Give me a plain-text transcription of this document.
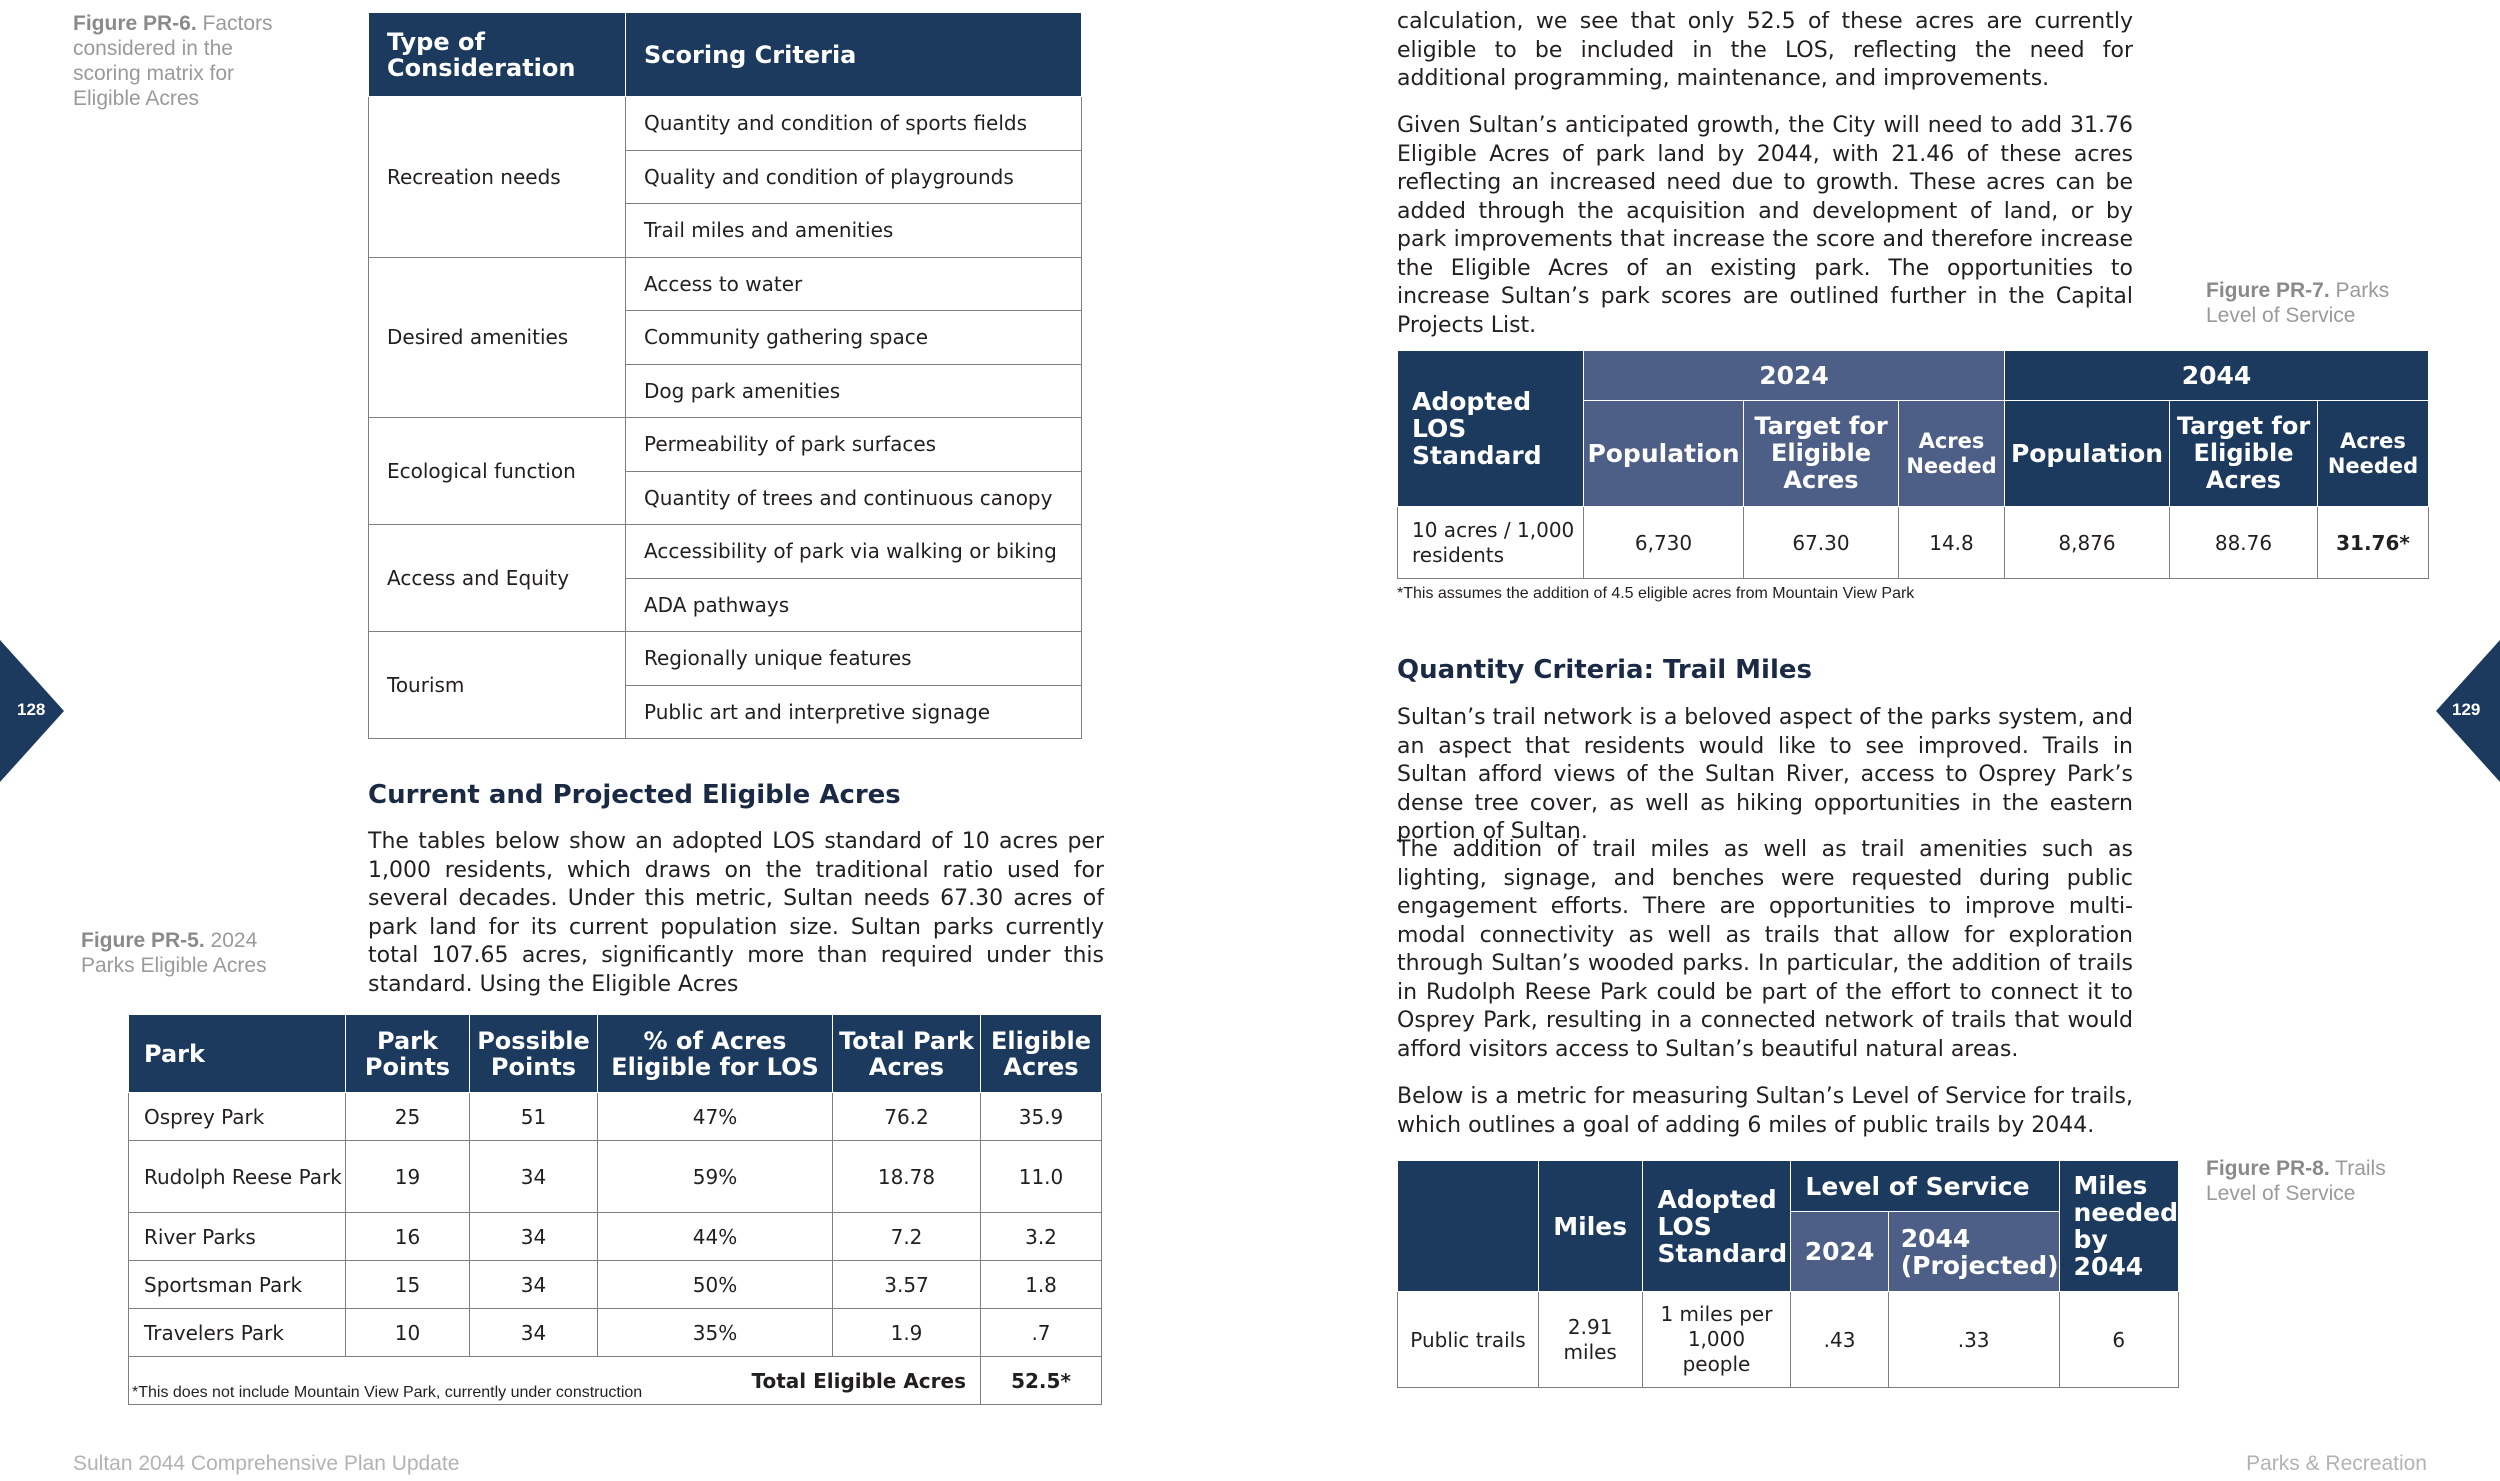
Figure PR-6. Factors considered in the scoring matrix for Eligible Acres
Type of Consideration	Scoring Criteria
Recreation needs	Quantity and condition of sports fields
	Quality and condition of playgrounds
	Trail miles and amenities
Desired amenities	Access to water
	Community gathering space
	Dog park amenities
Ecological function	Permeability of park surfaces
	Quantity of trees and continuous canopy
Access and Equity	Accessibility of park via walking or biking
	ADA pathways
Tourism	Regionally unique features
	Public art and interpretive signage
128
Current and Projected Eligible Acres
The tables below show an adopted LOS standard of 10 acres per 1,000 residents, which draws on the traditional ratio used for several decades. Under this metric, Sultan needs 67.30 acres of park land for its current population size. Sultan parks currently total 107.65 acres, significantly more than required under this standard. Using the Eligible Acres
Figure PR-5. 2024 Parks Eligible Acres
Park	Park Points	Possible Points	% of Acres Eligible for LOS	Total Park Acres	Eligible Acres
Osprey Park	25	51	47%	76.2	35.9
Rudolph Reese Park	19	34	59%	18.78	11.0
River Parks	16	34	44%	7.2	3.2
Sportsman Park	15	34	50%	3.57	1.8
Travelers Park	10	34	35%	1.9	.7

*This does not include Mountain View Park, currently under construction Total Eligible Acres					52.5*
calculation, we see that only 52.5 of these acres are currently eligible to be included in the LOS, reflecting the need for additional programming, maintenance, and improvements.
Given Sultan’s anticipated growth, the City will need to add 31.76 Eligible Acres of park land by 2044, with 21.46 of these acres reflecting an increased need due to growth. These acres can be added through the acquisition and development of land, or by park improvements that increase the score and therefore increase the Eligible Acres of an existing park. The opportunities to increase Sultan’s park scores are outlined further in the Capital Projects List.
Figure PR-7. Parks Level of Service
Adopted LOS Standard	2024			2044		
	Population	Target for Eligible Acres	Acres Needed	Population	Target for Eligible Acres	Acres Needed
10 acres / 1,000 residents	6,730	67.30	14.8	8,876	88.76	31.76*
*This assumes the addition of 4.5 eligible acres from Mountain View Park
129
Quantity Criteria: Trail Miles
Sultan’s trail network is a beloved aspect of the parks system, and an aspect that residents would like to see improved. Trails in Sultan afford views of the Sultan River, access to Osprey Park’s dense tree cover, as well as hiking opportunities in the eastern portion of Sultan.
The addition of trail miles as well as trail amenities such as lighting, signage, and benches were requested during public engagement efforts. There are opportunities to improve multi-modal connectivity as well as trails that allow for exploration through Sultan’s wooded parks. In particular, the addition of trails in Rudolph Reese Park could be part of the effort to connect it to Osprey Park, resulting in a connected network of trails that would afford visitors access to Sultan’s beautiful natural areas.
Below is a metric for measuring Sultan’s Level of Service for trails, which outlines a goal of adding 6 miles of public trails by 2044.
Figure PR-8. Trails Level of Service
	Miles	Adopted LOS Standard	Level of Service		Miles needed by 2044
			2024	2044 (Projected)	
Public trails	2.91 miles	1 miles per 1,000 people	.43	.33	6
Sultan 2044 Comprehensive Plan Update	Parks & Recreation
